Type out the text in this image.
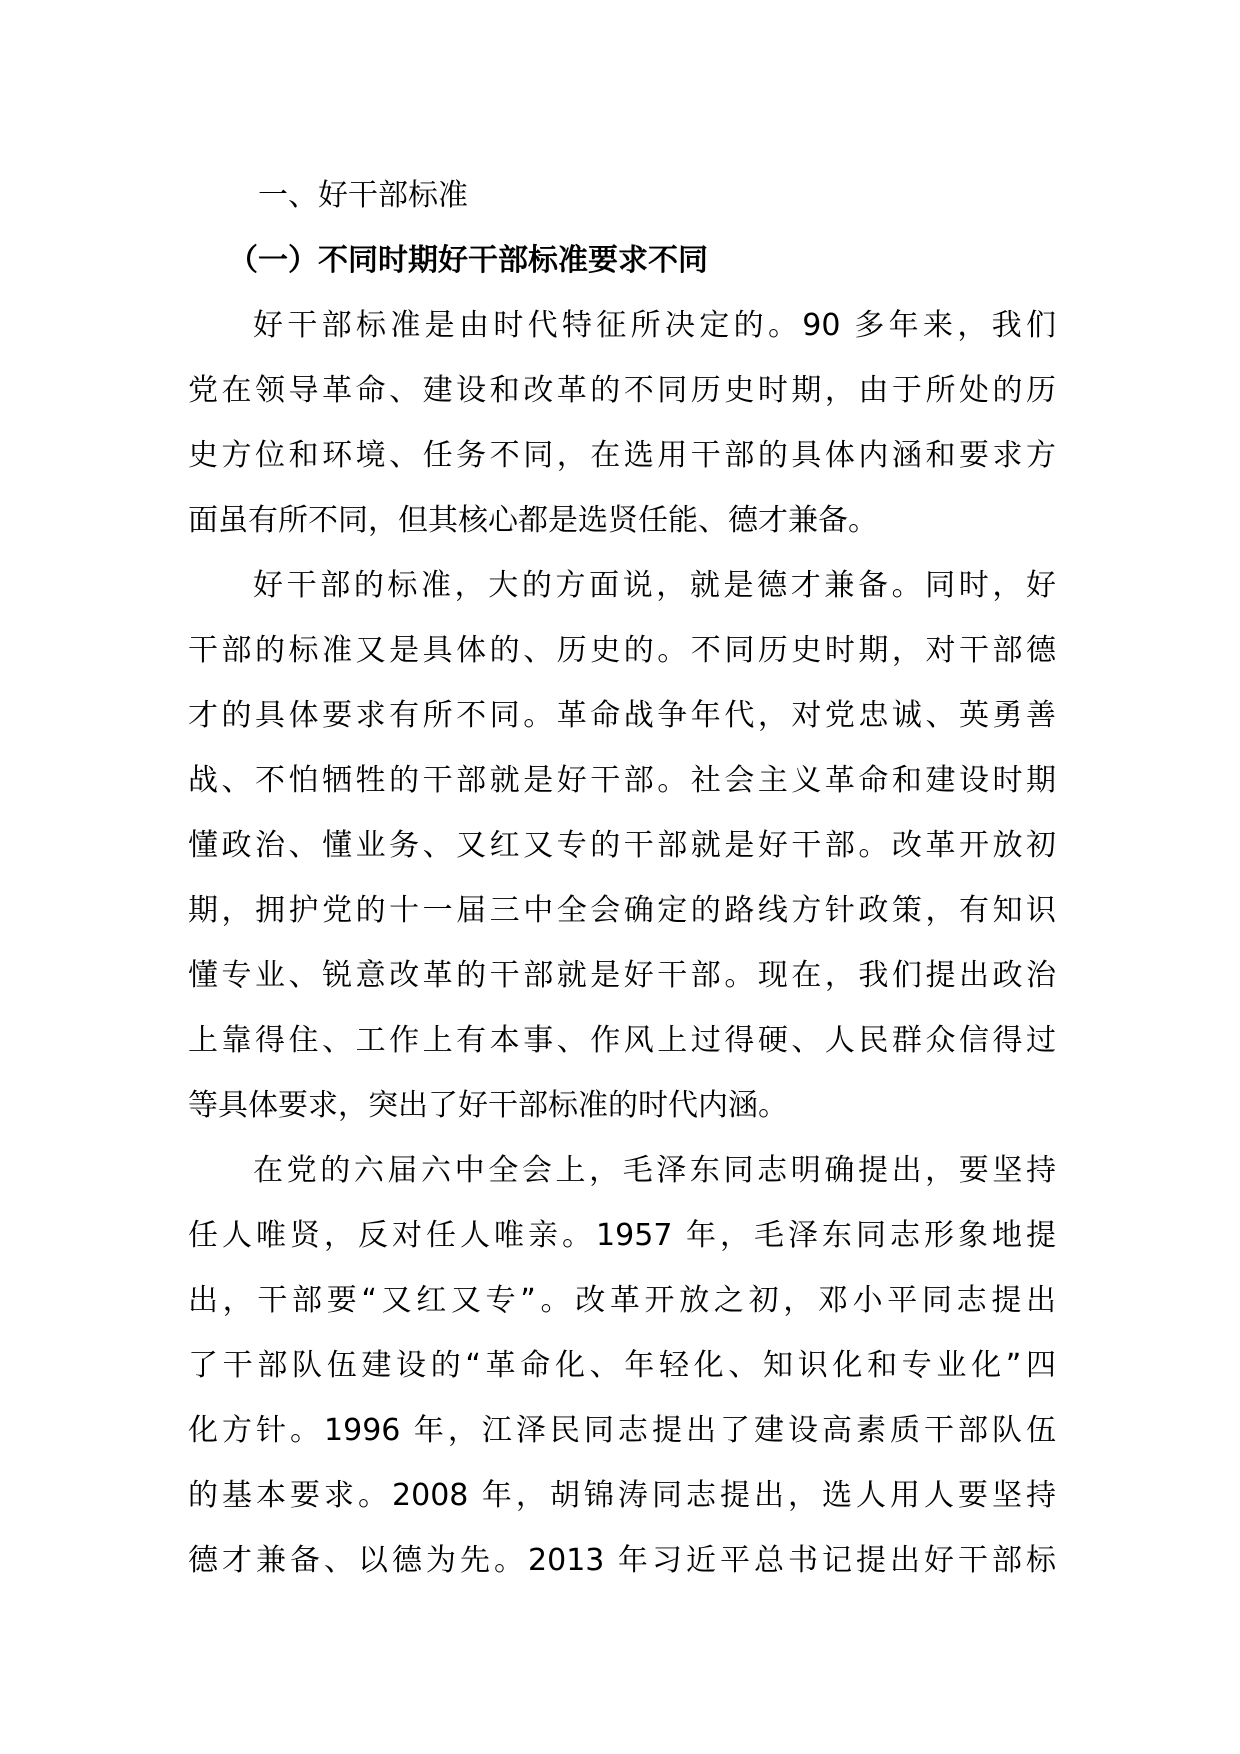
一、好干部标准
（一）不同时期好干部标准要求不同
好干部标准是由时代特征所决定的。90 多年来，我们
党在领导革命、建设和改革的不同历史时期，由于所处的历
史方位和环境、任务不同，在选用干部的具体内涵和要求方
面虽有所不同，但其核心都是选贤任能、德才兼备。
好干部的标准，大的方面说，就是德才兼备。同时，好
干部的标准又是具体的、历史的。不同历史时期，对干部德
才的具体要求有所不同。革命战争年代，对党忠诚、英勇善
战、不怕牺牲的干部就是好干部。社会主义革命和建设时期
懂政治、懂业务、又红又专的干部就是好干部。改革开放初
期，拥护党的十一届三中全会确定的路线方针政策，有知识
懂专业、锐意改革的干部就是好干部。现在，我们提出政治
上靠得住、工作上有本事、作风上过得硬、人民群众信得过
等具体要求，突出了好干部标准的时代内涵。
在党的六届六中全会上，毛泽东同志明确提出，要坚持
任人唯贤，反对任人唯亲。1957 年，毛泽东同志形象地提
出，干部要“又红又专”。改革开放之初，邓小平同志提出
了干部队伍建设的“革命化、年轻化、知识化和专业化”四
化方针。1996 年，江泽民同志提出了建设高素质干部队伍
的基本要求。2008 年，胡锦涛同志提出，选人用人要坚持
德才兼备、以德为先。2013 年习近平总书记提出好干部标
